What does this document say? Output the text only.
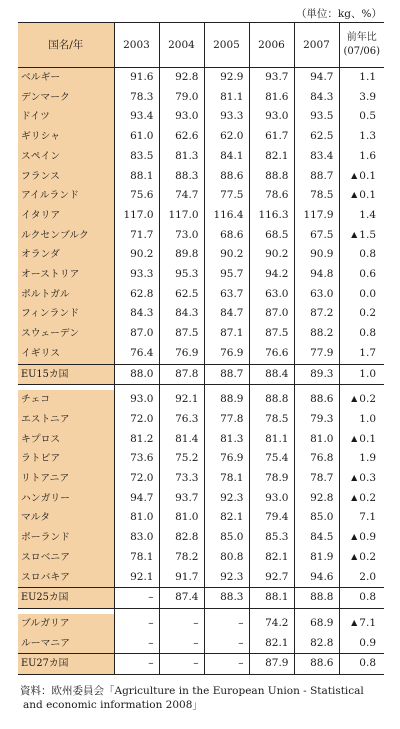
（単位：kg、%）
国名/年	2003	2004	2005	2006	2007	前年比
(07/06)
ベルギー	91.6	92.8	92.9	93.7	94.7	1.1
デンマーク	78.3	79.0	81.1	81.6	84.3	3.9
ドイツ	93.4	93.0	93.3	93.0	93.5	0.5
ギリシャ	61.0	62.6	62.0	61.7	62.5	1.3
スペイン	83.5	81.3	84.1	82.1	83.4	1.6
フランス	88.1	88.3	88.6	88.8	88.7	▲ 0.1
アイルランド	75.6	74.7	77.5	78.6	78.5	▲ 0.1
イタリア	117.0	117.0	116.4	116.3	117.9	1.4
ルクセンブルク	71.7	73.0	68.6	68.5	67.5	▲ 1.5
オランダ	90.2	89.8	90.2	90.2	90.9	0.8
オーストリア	93.3	95.3	95.7	94.2	94.8	0.6
ポルトガル	62.8	62.5	63.7	63.0	63.0	0.0
フィンランド	84.3	84.3	84.7	87.0	87.2	0.2
スウェーデン	87.0	87.5	87.1	87.5	88.2	0.8
イギリス	76.4	76.9	76.9	76.6	77.9	1.7
EU15カ国	88.0	87.8	88.7	88.4	89.3	1.0

チェコ	93.0	92.1	88.9	88.8	88.6	▲ 0.2
エストニア	72.0	76.3	77.8	78.5	79.3	1.0
キプロス	81.2	81.4	81.3	81.1	81.0	▲ 0.1
ラトビア	73.6	75.2	76.9	75.4	76.8	1.9
リトアニア	72.0	73.3	78.1	78.9	78.7	▲ 0.3
ハンガリー	94.7	93.7	92.3	93.0	92.8	▲ 0.2
マルタ	81.0	81.0	82.1	79.4	85.0	7.1
ポーランド	83.0	82.8	85.0	85.3	84.5	▲ 0.9
スロベニア	78.1	78.2	80.8	82.1	81.9	▲ 0.2
スロバキア	92.1	91.7	92.3	92.7	94.6	2.0
EU25カ国	–	87.4	88.3	88.1	88.8	0.8

ブルガリア	–	–	–	74.2	68.9	▲ 7.1
ルーマニア	–	–	–	82.1	82.8	0.9
EU27カ国	–	–	–	87.9	88.6	0.8
資料：欧州委員会「Agriculture in the European Union - Statistical
and economic information 2008」
